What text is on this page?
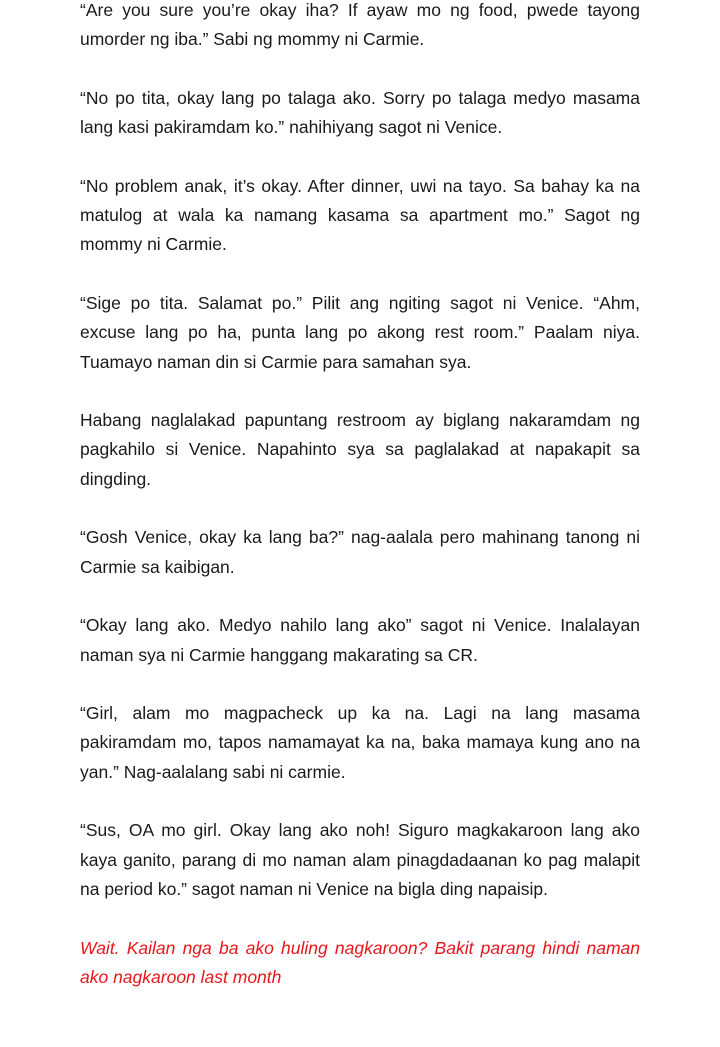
“Are you sure you’re okay iha? If ayaw mo ng food, pwede tayong umorder ng iba.” Sabi ng mommy ni Carmie.

“No po tita, okay lang po talaga ako. Sorry po talaga medyo masama lang kasi pakiramdam ko.” nahihiyang sagot ni Venice.

“No problem anak, it’s okay. After dinner, uwi na tayo. Sa bahay ka na matulog at wala ka namang kasama sa apartment mo.” Sagot ng mommy ni Carmie.

“Sige po tita. Salamat po.” Pilit ang ngiting sagot ni Venice. “Ahm, excuse lang po ha, punta lang po akong rest room.” Paalam niya. Tuamayo naman din si Carmie para samahan sya.

Habang naglalakad papuntang restroom ay biglang nakaramdam ng pagkahilo si Venice. Napahinto sya sa paglalakad at napakapit sa dingding.

“Gosh Venice, okay ka lang ba?” nag-aalala pero mahinang tanong ni Carmie sa kaibigan.

“Okay lang ako. Medyo nahilo lang ako” sagot ni Venice. Inalalayan naman sya ni Carmie hanggang makarating sa CR.

“Girl, alam mo magpacheck up ka na. Lagi na lang masama pakiramdam mo, tapos namamayat ka na, baka mamaya kung ano na yan.” Nag-aalalang sabi ni carmie.

“Sus, OA mo girl. Okay lang ako noh! Siguro magkakaroon lang ako kaya ganito, parang di mo naman alam pinagdadaanan ko pag malapit na period ko.” sagot naman ni Venice na bigla ding napaisip.

Wait. Kailan nga ba ako huling nagkaroon? Bakit parang hindi naman ako nagkaroon last month
